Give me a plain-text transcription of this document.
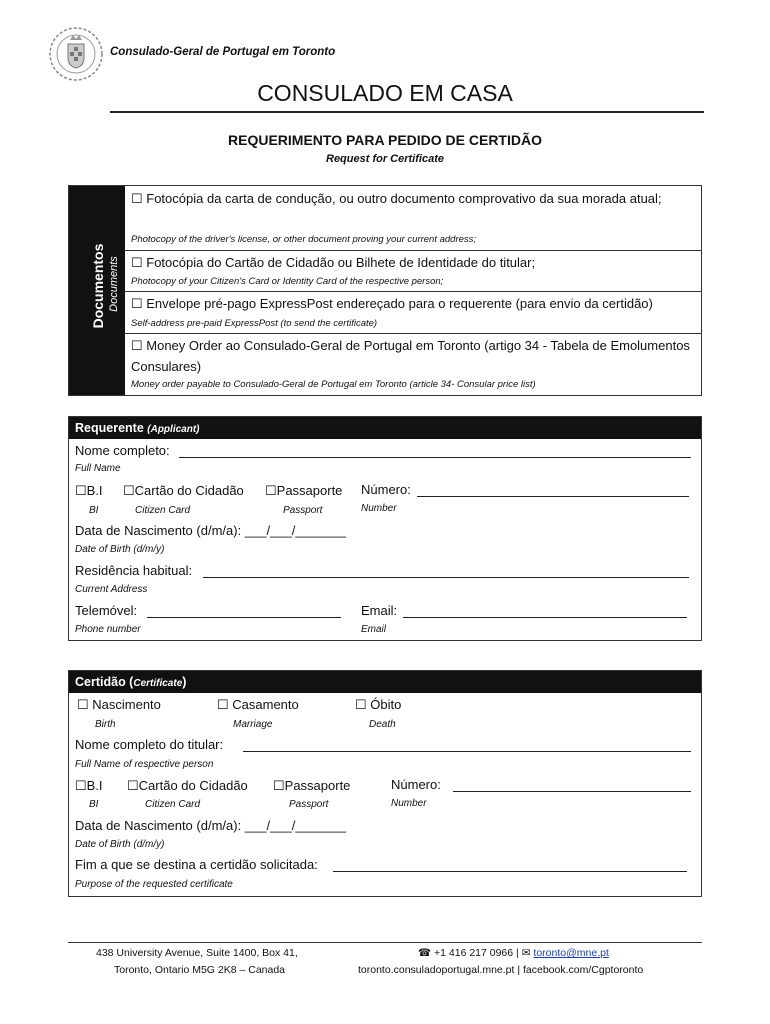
Consulado-Geral de Portugal em Toronto
CONSULADO EM CASA
REQUERIMENTO PARA PEDIDO DE CERTIDÃO
Request for Certificate
Documentos Documents
☐ Fotocópia da carta de condução, ou outro documento comprovativo da sua morada atual;
Photocopy of the driver's license, or other document proving your current address;
☐ Fotocópia do Cartão de Cidadão ou Bilhete de Identidade do titular;
Photocopy of your Citizen's Card or Identity Card of the respective person;
☐ Envelope pré-pago ExpressPost endereçado para o requerente (para envio da certidão)
Self-address pre-paid ExpressPost (to send the certificate)
☐ Money Order ao Consulado-Geral de Portugal em Toronto (artigo 34 - Tabela de Emolumentos Consulares)
Money order payable to Consulado-Geral de Portugal em Toronto (article 34- Consular price list)
Requerente (Applicant)
Nome completo:
Full Name
☐B.I ☐Cartão do Cidadão ☐Passaporte Número:
BI	Citizen Card	Passport	Number
Data de Nascimento (d/m/a): ___/___/_______
Date of Birth (d/m/y)
Residência habitual:
Current Address
Telemóvel:	Email:
Phone number	Email
Certidão (Certificate)
☐ Nascimento	☐ Casamento	☐ Óbito
Birth	Marriage	Death
Nome completo do titular:
Full Name of respective person
☐B.I ☐Cartão do Cidadão ☐Passaporte	Número:
BI	Citizen Card	Passport	Number
Data de Nascimento (d/m/a): ___/___/_______
Date of Birth (d/m/y)
Fim a que se destina a certidão solicitada:
Purpose of the requested certificate
438 University Avenue, Suite 1400, Box 41,
Toronto, Ontario M5G 2K8 – Canada
☎ +1 416 217 0966 | ✉ toronto@mne.pt
toronto.consuladoportugal.mne.pt | facebook.com/Cgptoronto
